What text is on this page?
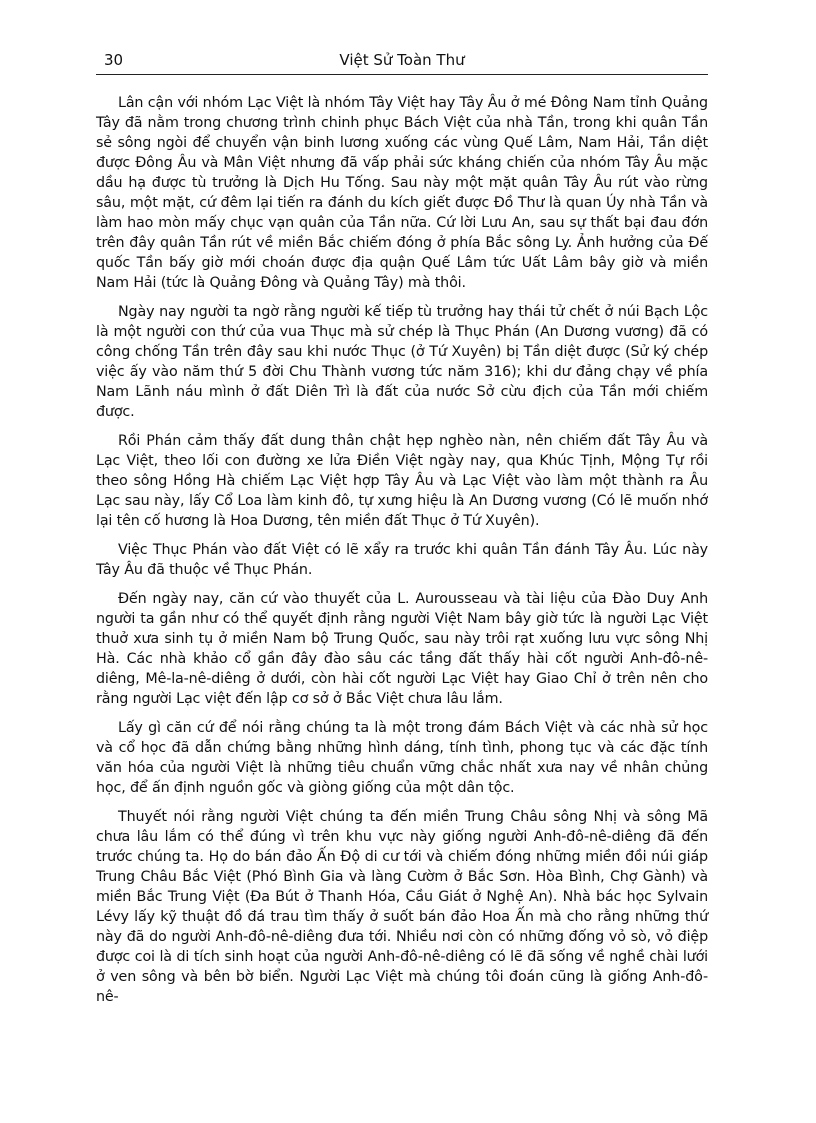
30	Việt Sử Toàn Thư

Lân cận với nhóm Lạc Việt là nhóm Tây Việt hay Tây Âu ở mé Đông Nam tỉnh Quảng Tây đã nằm trong chương trình chinh phục Bách Việt của nhà Tần, trong khi quân Tần sẻ sông ngòi để chuyển vận binh lương xuống các vùng Quế Lâm, Nam Hải, Tần diệt được Đông Âu và Mân Việt nhưng đã vấp phải sức kháng chiến của nhóm Tây Âu mặc dầu hạ được tù trưởng là Dịch Hu Tống. Sau này một mặt quân Tây Âu rút vào rừng sâu, một mặt, cứ đêm lại tiến ra đánh du kích giết được Đồ Thư là quan Úy nhà Tần và làm hao mòn mấy chục vạn quân của Tần nữa. Cứ lời Lưu An, sau sự thất bại đau đớn trên đây quân Tần rút về miền Bắc chiếm đóng ở phía Bắc sông Ly. Ảnh hưởng của Đế quốc Tần bấy giờ mới choán được địa quận Quế Lâm tức Uất Lâm bây giờ và miền Nam Hải (tức là Quảng Đông và Quảng Tây) mà thôi.

Ngày nay người ta ngờ rằng người kế tiếp tù trưởng hay thái tử chết ở núi Bạch Lộc là một người con thứ của vua Thục mà sử chép là Thục Phán (An Dương vương) đã có công chống Tần trên đây sau khi nước Thục (ở Tứ Xuyên) bị Tần diệt được (Sử ký chép việc ấy vào năm thứ 5 đời Chu Thành vương tức năm 316); khi dư đảng chạy về phía Nam Lãnh náu mình ở đất Diên Trì là đất của nước Sở cừu địch của Tần mới chiếm được.

Rồi Phán cảm thấy đất dung thân chật hẹp nghèo nàn, nên chiếm đất Tây Âu và Lạc Việt, theo lối con đường xe lửa Điền Việt ngày nay, qua Khúc Tịnh, Mộng Tự rồi theo sông Hồng Hà chiếm Lạc Việt hợp Tây Âu và Lạc Việt vào làm một thành ra Âu Lạc sau này, lấy Cổ Loa làm kinh đô, tự xưng hiệu là An Dương vương (Có lẽ muốn nhớ lại tên cố hương là Hoa Dương, tên miền đất Thục ở Tứ Xuyên).

Việc Thục Phán vào đất Việt có lẽ xẩy ra trước khi quân Tần đánh Tây Âu. Lúc này Tây Âu đã thuộc về Thục Phán.

Đến ngày nay, căn cứ vào thuyết của L. Aurousseau và tài liệu của Đào Duy Anh người ta gần như có thể quyết định rằng người Việt Nam bây giờ tức là người Lạc Việt thuở xưa sinh tụ ở miền Nam bộ Trung Quốc, sau này trôi rạt xuống lưu vực sông Nhị Hà. Các nhà khảo cổ gần đây đào sâu các tầng đất thấy hài cốt người Anh-đô-nê-diêng, Mê-la-nê-diêng ở dưới, còn hài cốt người Lạc Việt hay Giao Chỉ ở trên nên cho rằng người Lạc việt đến lập cơ sở ở Bắc Việt chưa lâu lắm.

Lấy gì căn cứ để nói rằng chúng ta là một trong đám Bách Việt và các nhà sử học và cổ học đã dẫn chứng bằng những hình dáng, tính tình, phong tục và các đặc tính văn hóa của người Việt là những tiêu chuẩn vững chắc nhất xưa nay về nhân chủng học, để ấn định nguồn gốc và giòng giống của một dân tộc.

Thuyết nói rằng người Việt chúng ta đến miền Trung Châu sông Nhị và sông Mã chưa lâu lắm có thể đúng vì trên khu vực này giống người Anh-đô-nê-diêng đã đến trước chúng ta. Họ do bán đảo Ấn Độ di cư tới và chiếm đóng những miền đồi núi giáp Trung Châu Bắc Việt (Phó Bình Gia và làng Cườm ở Bắc Sơn. Hòa Bình, Chợ Gành) và miền Bắc Trung Việt (Đa Bút ở Thanh Hóa, Cầu Giát ở Nghệ An). Nhà bác học Sylvain Lévy lấy kỹ thuật đồ đá trau tìm thấy ở suốt bán đảo Hoa Ấn mà cho rằng những thứ này đã do người Anh-đô-nê-diêng đưa tới. Nhiều nơi còn có những đống vỏ sò, vỏ điệp được coi là di tích sinh hoạt của người Anh-đô-nê-diêng có lẽ đã sống về nghề chài lưới ở ven sông và bên bờ biển. Người Lạc Việt mà chúng tôi đoán cũng là giống Anh-đô-nê-
